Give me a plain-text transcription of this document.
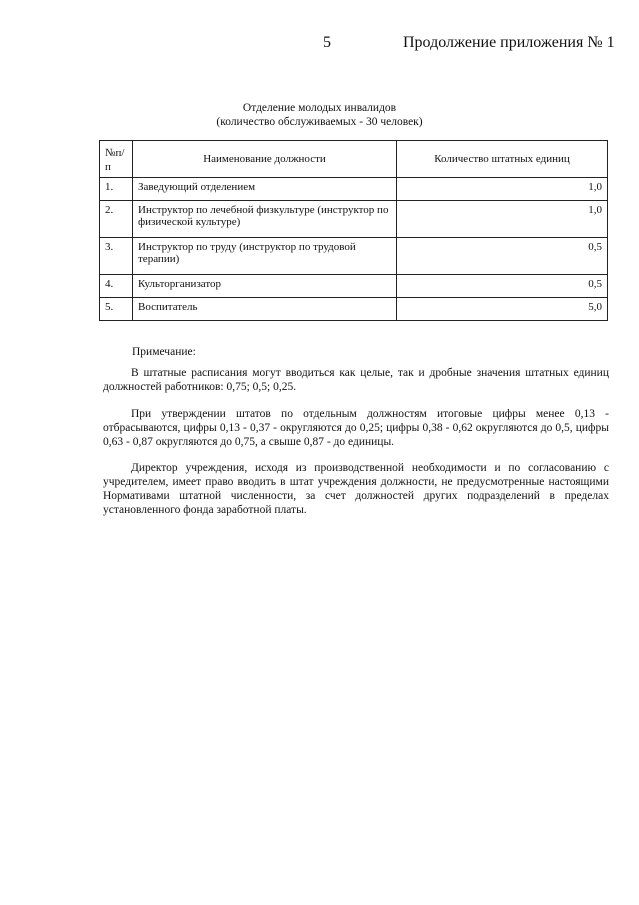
5	Продолжение приложения № 1
Отделение молодых инвалидов
(количество обслуживаемых - 30 человек)
№п/п	Наименование должности	Количество штатных единиц
1.	Заведующий отделением	1,0
2.	Инструктор по лечебной физкультуре (инструктор по физической культуре)	1,0
3.	Инструктор по труду (инструктор по трудовой терапии)	0,5
4.	Культорганизатор	0,5
5.	Воспитатель	5,0
Примечание:
В штатные расписания могут вводиться как целые, так и дробные значения штатных единиц должностей работников: 0,75; 0,5; 0,25.
При утверждении штатов по отдельным должностям итоговые цифры менее 0,13 - отбрасываются, цифры 0,13 - 0,37 - округляются до 0,25; цифры 0,38 - 0,62 округляются до 0,5, цифры 0,63 - 0,87 округляются до 0,75, а свыше 0,87 - до единицы.
Директор учреждения, исходя из производственной необходимости и по согласованию с учредителем, имеет право вводить в штат учреждения должности, не предусмотренные настоящими Нормативами штатной численности, за счет должностей других подразделений в пределах установленного фонда заработной платы.
